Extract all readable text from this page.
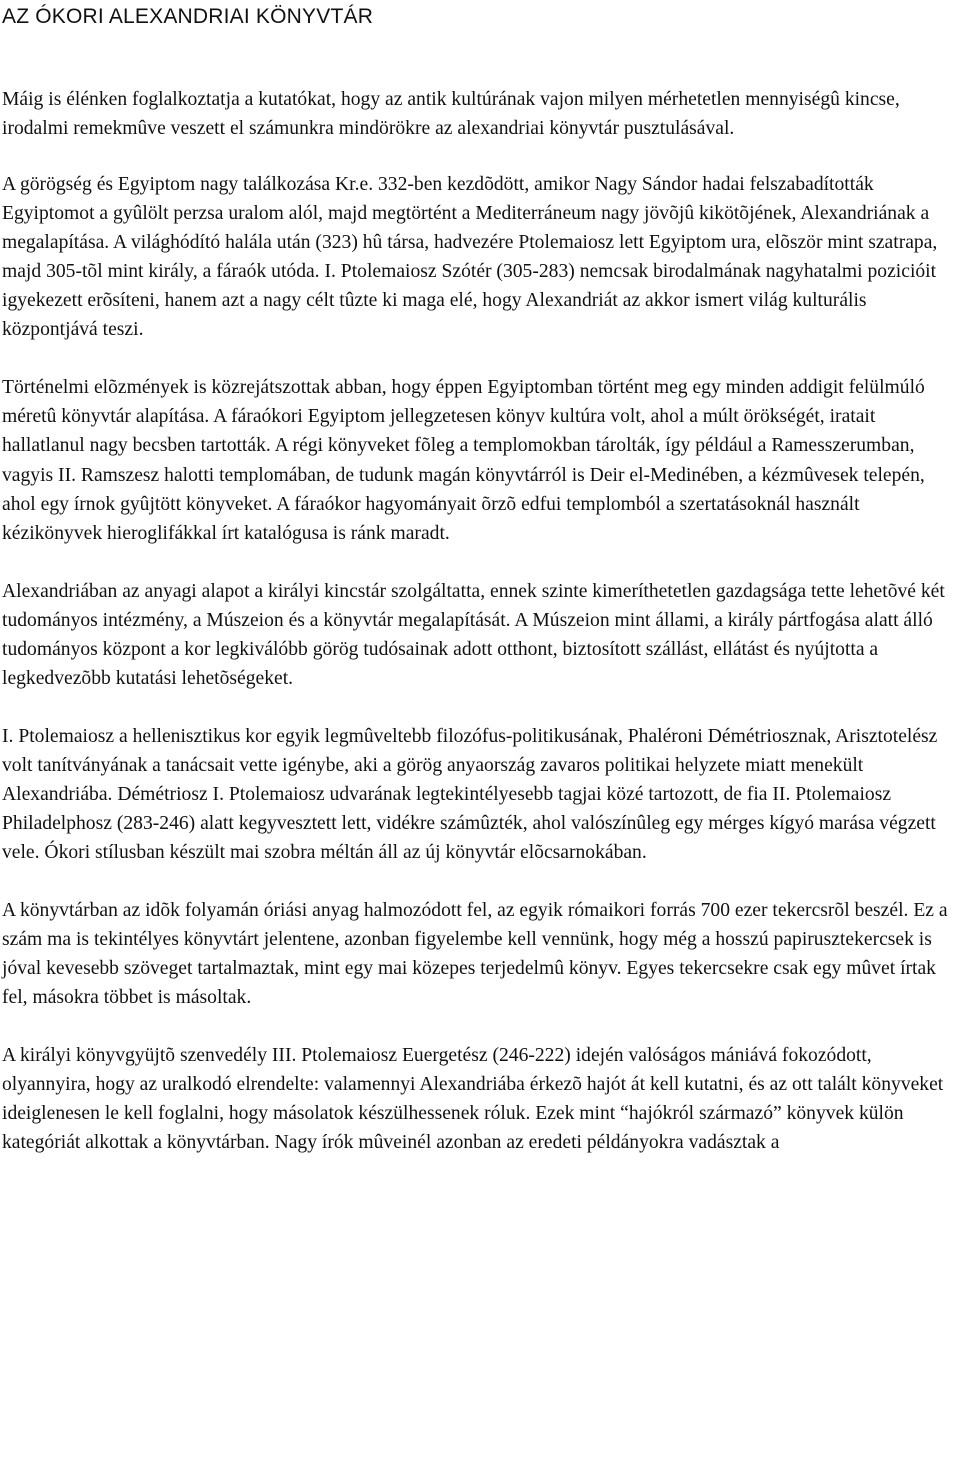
AZ ÓKORI ALEXANDRIAI KÖNYVTÁR

Máig is élénken foglalkoztatja a kutatókat, hogy az antik kultúrának vajon milyen mérhetetlen mennyiségû kincse, irodalmi remekmûve veszett el számunkra mindörökre az alexandriai könyvtár pusztulásával.

A görögség és Egyiptom nagy találkozása Kr.e. 332-ben kezdõdött, amikor Nagy Sándor hadai felszabadították Egyiptomot a gyûlölt perzsa uralom alól, majd megtörtént a Mediterráneum nagy jövõjû kikötõjének, Alexandriának a megalapítása. A világhódító halála után (323) hû társa, hadvezére Ptolemaiosz lett Egyiptom ura, elõször mint szatrapa, majd 305-tõl mint király, a fáraók utóda. I. Ptolemaiosz Szótér (305-283) nemcsak birodalmának nagyhatalmi pozicióit igyekezett erõsíteni, hanem azt a nagy célt tûzte ki maga elé, hogy Alexandriát az akkor ismert világ kulturális központjává teszi.

Történelmi elõzmények is közrejátszottak abban, hogy éppen Egyiptomban történt meg egy minden addigit felülmúló méretû könyvtár alapítása. A fáraókori Egyiptom jellegzetesen könyv kultúra volt, ahol a múlt örökségét, iratait hallatlanul nagy becsben tartották. A régi könyveket fõleg a templomokban tárolták, így például a Ramesszerumban, vagyis II. Ramszesz halotti templomában, de tudunk magán könyvtárról is Deir el-Medinében, a kézmûvesek telepén, ahol egy írnok gyûjtött könyveket. A fáraókor hagyományait õrzõ edfui templomból a szertatásoknál használt kézikönyvek hieroglifákkal írt katalógusa is ránk maradt.

Alexandriában az anyagi alapot a királyi kincstár szolgáltatta, ennek szinte kimeríthetetlen gazdagsága tette lehetõvé két tudományos intézmény, a Múszeion és a könyvtár megalapítását. A Múszeion mint állami, a király pártfogása alatt álló tudományos központ a kor legkiválóbb görög tudósainak adott otthont, biztosított szállást, ellátást és nyújtotta a legkedvezõbb kutatási lehetõségeket.

I. Ptolemaiosz a hellenisztikus kor egyik legmûveltebb filozófus-politikusának, Phaléroni Démétriosznak, Arisztotelész volt tanítványának a tanácsait vette igénybe, aki a görög anyaország zavaros politikai helyzete miatt menekült Alexandriába. Démétriosz I. Ptolemaiosz udvarának legtekintélyesebb tagjai közé tartozott, de fia II. Ptolemaiosz Philadelphosz (283-246) alatt kegyvesztett lett, vidékre számûzték, ahol valószínûleg egy mérges kígyó marása végzett vele. Ókori stílusban készült mai szobra méltán áll az új könyvtár elõcsarnokában.

A könyvtárban az idõk folyamán óriási anyag halmozódott fel, az egyik rómaikori forrás 700 ezer tekercsrõl beszél. Ez a szám ma is tekintélyes könyvtárt jelentene, azonban figyelembe kell vennünk, hogy még a hosszú papirusztekercsek is jóval kevesebb szöveget tartalmaztak, mint egy mai közepes terjedelmû könyv. Egyes tekercsekre csak egy mûvet írtak fel, másokra többet is másoltak.

A királyi könyvgyüjtõ szenvedély III. Ptolemaiosz Euergetész (246-222) idején valóságos mániává fokozódott, olyannyira, hogy az uralkodó elrendelte: valamennyi Alexandriába érkezõ hajót át kell kutatni, és az ott talált könyveket ideiglenesen le kell foglalni, hogy másolatok készülhessenek róluk. Ezek mint “hajókról származó” könyvek külön kategóriát alkottak a könyvtárban. Nagy írók mûveinél azonban az eredeti példányokra vadásztak a
